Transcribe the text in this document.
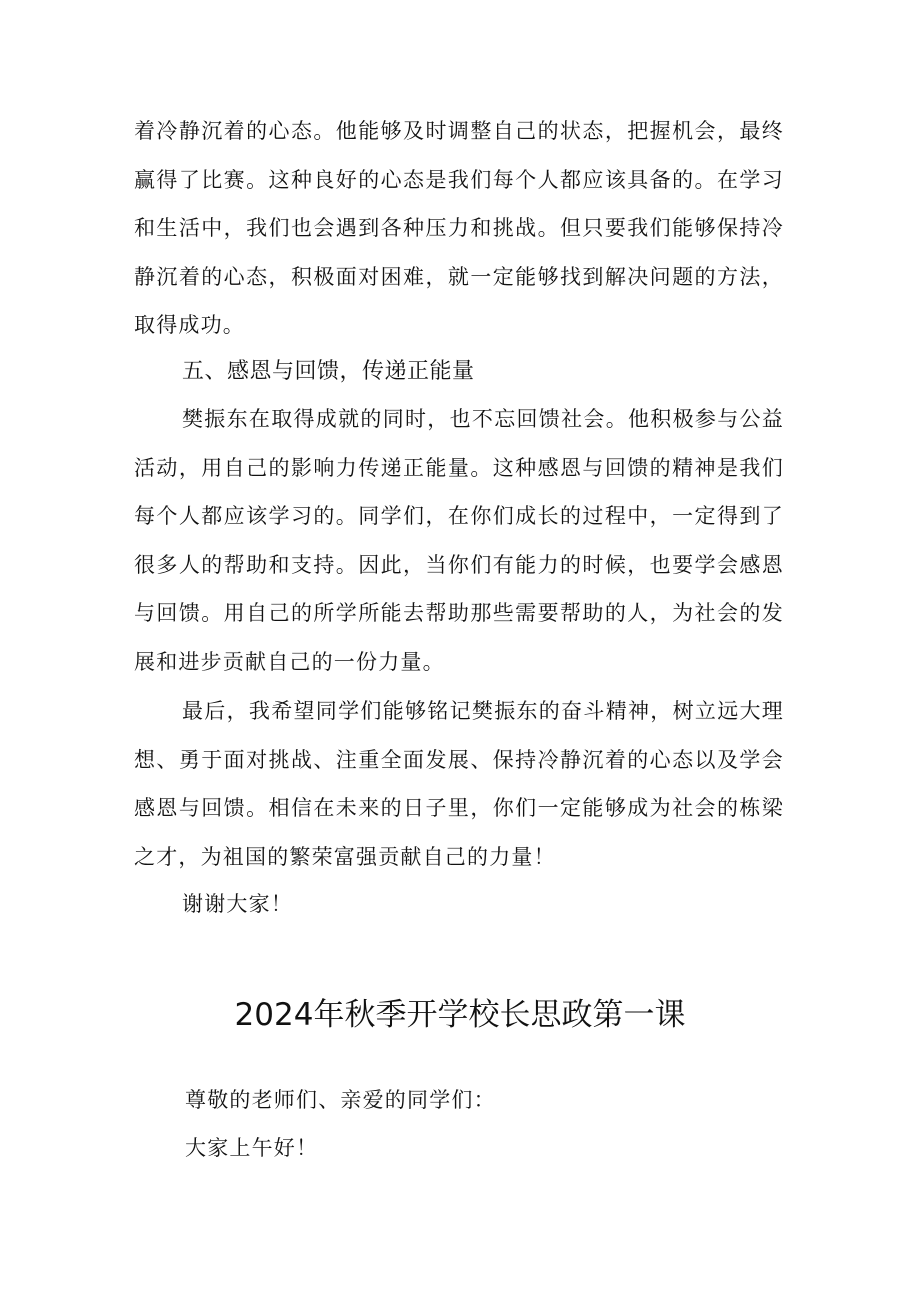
着冷静沉着的心态。他能够及时调整自己的状态，把握机会，最终赢得了比赛。这种良好的心态是我们每个人都应该具备的。在学习和生活中，我们也会遇到各种压力和挑战。但只要我们能够保持冷静沉着的心态，积极面对困难，就一定能够找到解决问题的方法，取得成功。

五、感恩与回馈，传递正能量

樊振东在取得成就的同时，也不忘回馈社会。他积极参与公益活动，用自己的影响力传递正能量。这种感恩与回馈的精神是我们每个人都应该学习的。同学们，在你们成长的过程中，一定得到了很多人的帮助和支持。因此，当你们有能力的时候，也要学会感恩与回馈。用自己的所学所能去帮助那些需要帮助的人，为社会的发展和进步贡献自己的一份力量。

最后，我希望同学们能够铭记樊振东的奋斗精神，树立远大理想、勇于面对挑战、注重全面发展、保持冷静沉着的心态以及学会感恩与回馈。相信在未来的日子里，你们一定能够成为社会的栋梁之才，为祖国的繁荣富强贡献自己的力量！

谢谢大家！

2024年秋季开学校长思政第一课

尊敬的老师们、亲爱的同学们：

大家上午好！
